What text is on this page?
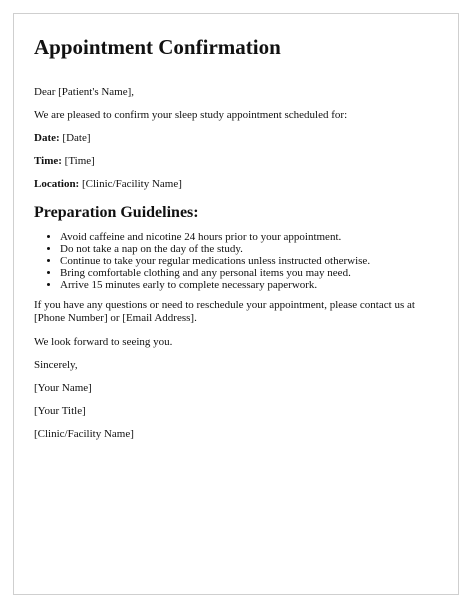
Appointment Confirmation

Dear [Patient's Name],

We are pleased to confirm your sleep study appointment scheduled for:

Date: [Date]

Time: [Time]

Location: [Clinic/Facility Name]

Preparation Guidelines:
• Avoid caffeine and nicotine 24 hours prior to your appointment.
• Do not take a nap on the day of the study.
• Continue to take your regular medications unless instructed otherwise.
• Bring comfortable clothing and any personal items you may need.
• Arrive 15 minutes early to complete necessary paperwork.

If you have any questions or need to reschedule your appointment, please contact us at

[Phone Number] or [Email Address].

We look forward to seeing you.

Sincerely,

[Your Name]

[Your Title]

[Clinic/Facility Name]
